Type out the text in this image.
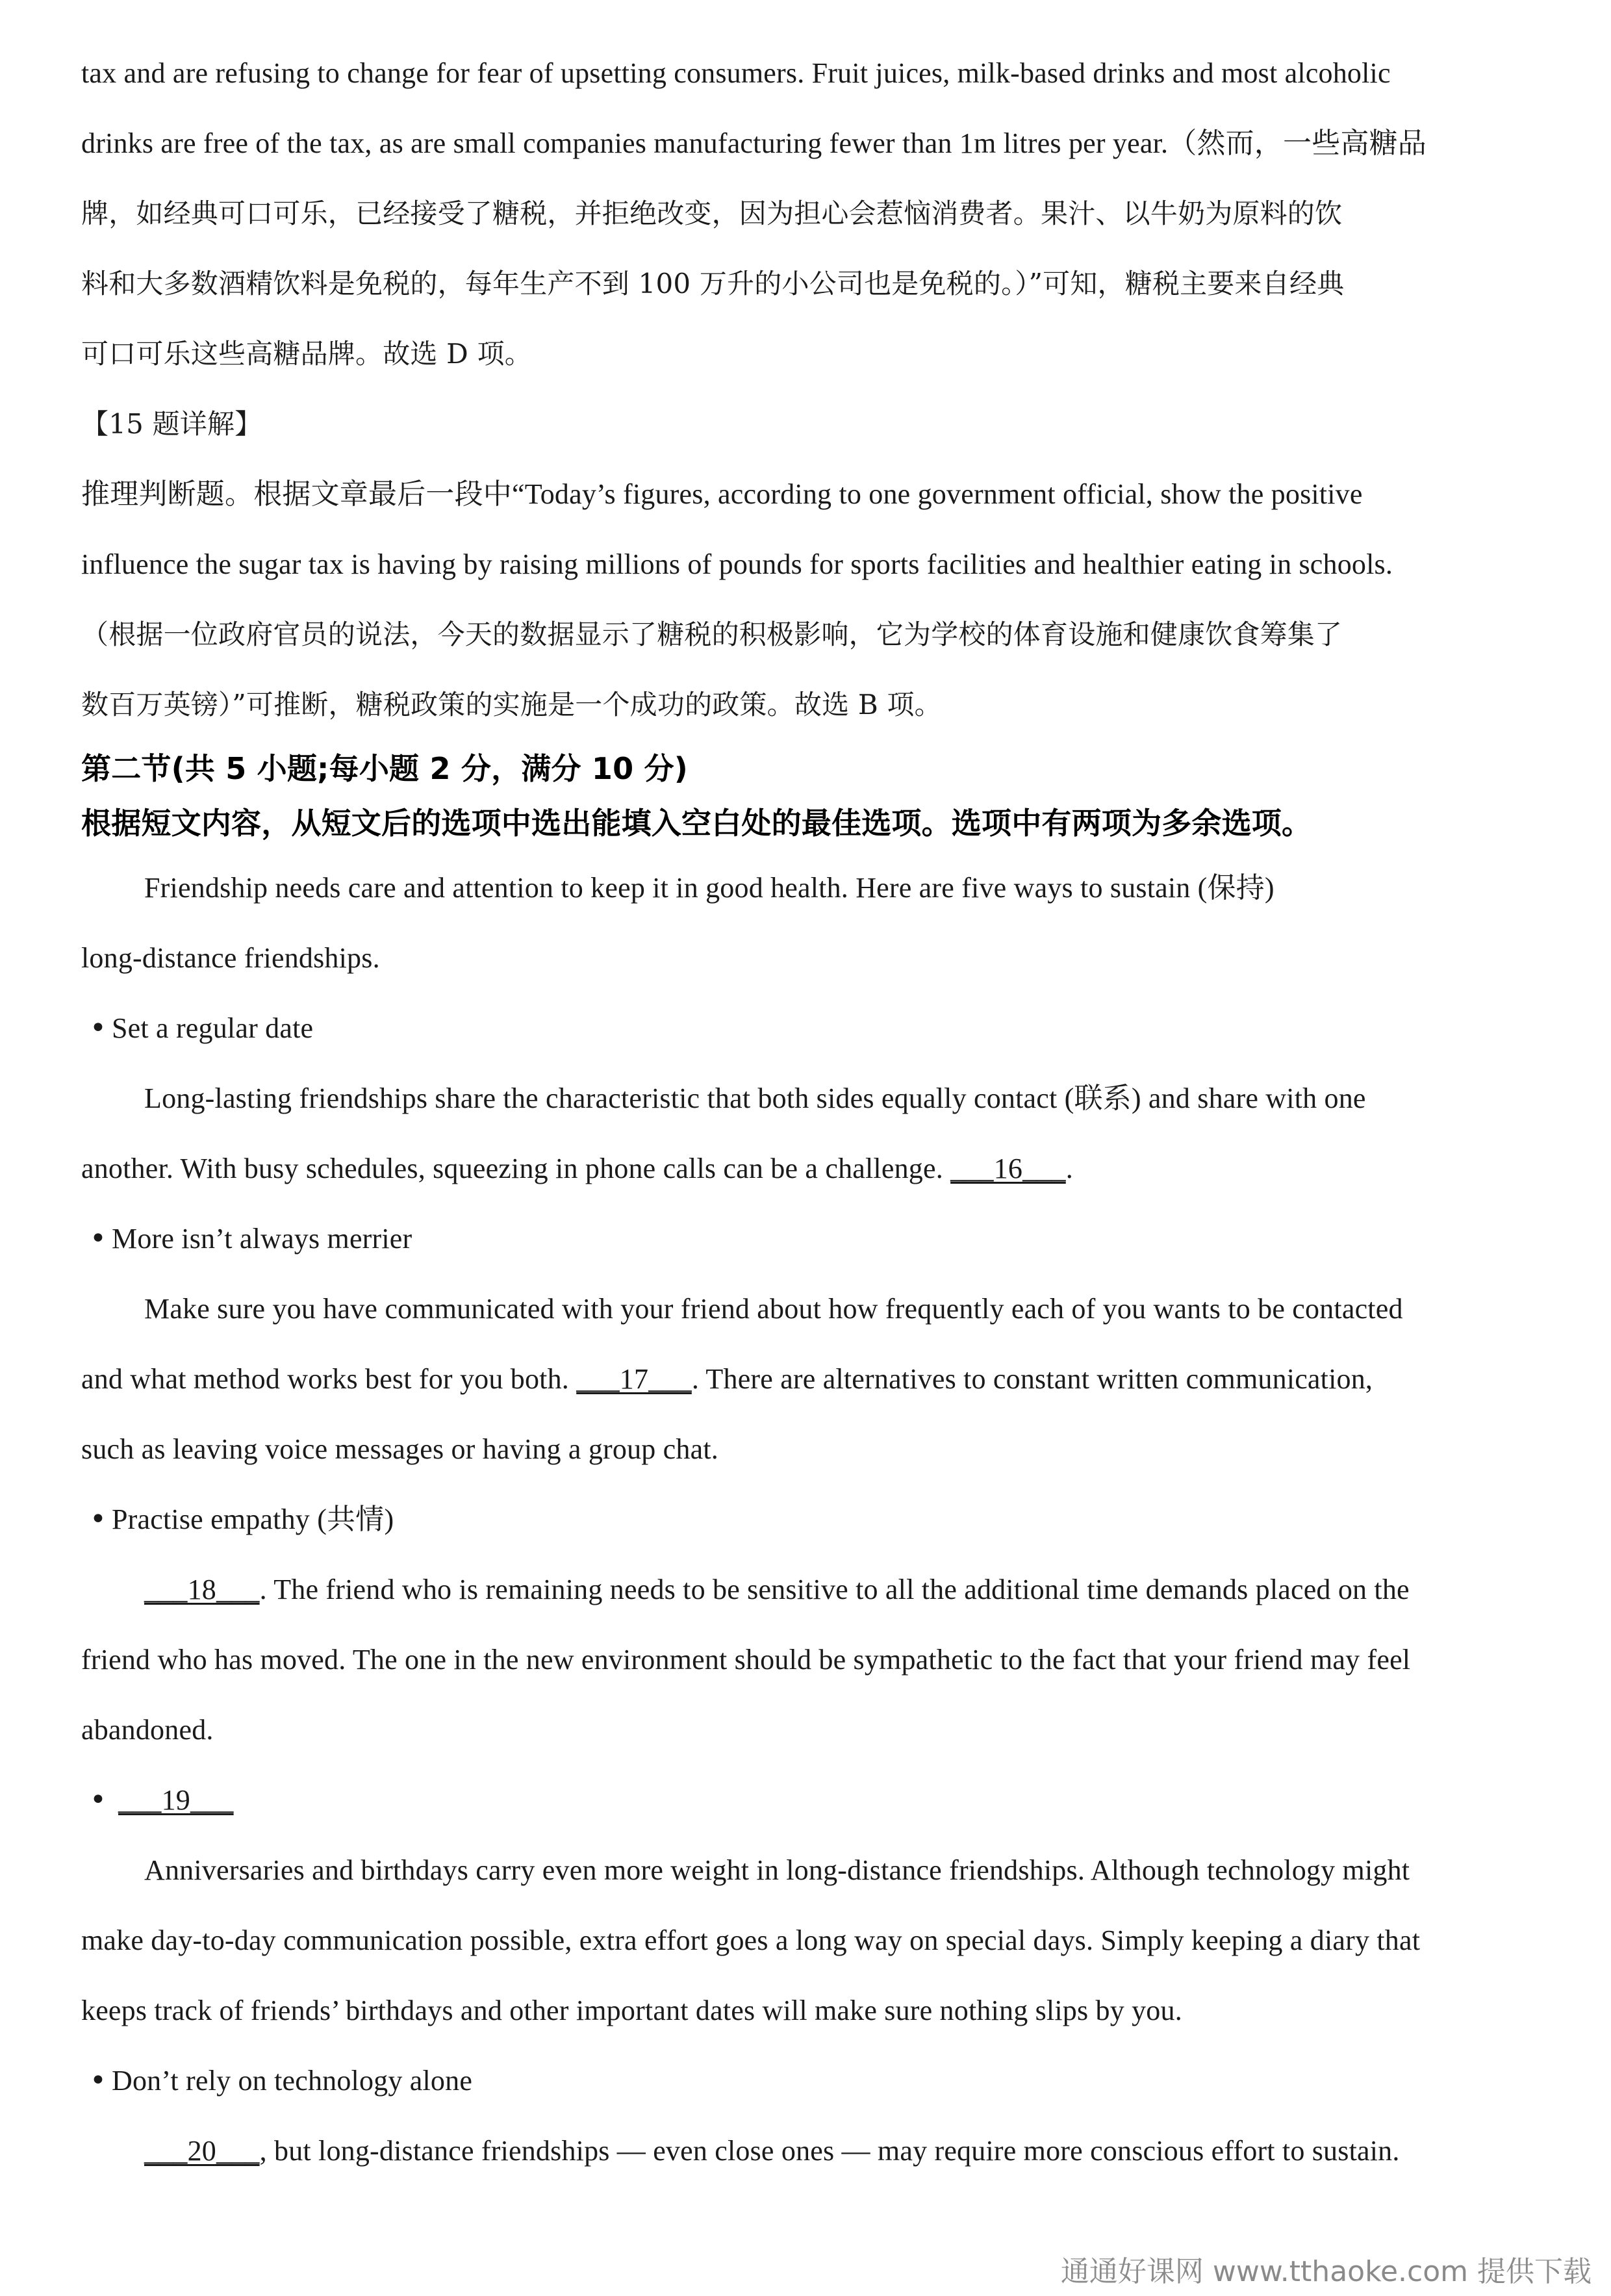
tax and are refusing to change for fear of upsetting consumers. Fruit juices, milk-based drinks and most alcoholic
drinks are free of the tax, as are small companies manufacturing fewer than 1m litres per year.（然而，一些高糖品
牌，如经典可口可乐，已经接受了糖税，并拒绝改变，因为担心会惹恼消费者。果汁、以牛奶为原料的饮
料和大多数酒精饮料是免税的，每年生产不到 100 万升的小公司也是免税的。）”可知，糖税主要来自经典
可口可乐这些高糖品牌。故选 D 项。
【15 题详解】
推理判断题。根据文章最后一段中“Today’s figures, according to one government official, show the positive
influence the sugar tax is having by raising millions of pounds for sports facilities and healthier eating in schools.
（根据一位政府官员的说法，今天的数据显示了糖税的积极影响，它为学校的体育设施和健康饮食筹集了
数百万英镑）”可推断，糖税政策的实施是一个成功的政策。故选 B 项。
第二节(共 5 小题;每小题 2 分，满分 10 分)
根据短文内容，从短文后的选项中选出能填入空白处的最佳选项。选项中有两项为多余选项。
Friendship needs care and attention to keep it in good health. Here are five ways to sustain (保持)
long-distance friendships.
• Set a regular date
Long-lasting friendships share the characteristic that both sides equally contact (联系) and share with one
another. With busy schedules, squeezing in phone calls can be a challenge. ___16___.
• More isn’t always merrier
Make sure you have communicated with your friend about how frequently each of you wants to be contacted
and what method works best for you both. ___17___. There are alternatives to constant written communication,
such as leaving voice messages or having a group chat.
• Practise empathy (共情)
___18___. The friend who is remaining needs to be sensitive to all the additional time demands placed on the
friend who has moved. The one in the new environment should be sympathetic to the fact that your friend may feel
abandoned.
• ___19___
Anniversaries and birthdays carry even more weight in long-distance friendships. Although technology might
make day-to-day communication possible, extra effort goes a long way on special days. Simply keeping a diary that
keeps track of friends’ birthdays and other important dates will make sure nothing slips by you.
• Don’t rely on technology alone
___20___, but long-distance friendships — even close ones — may require more conscious effort to sustain.
通通好课网 www.tthaoke.com 提供下载
